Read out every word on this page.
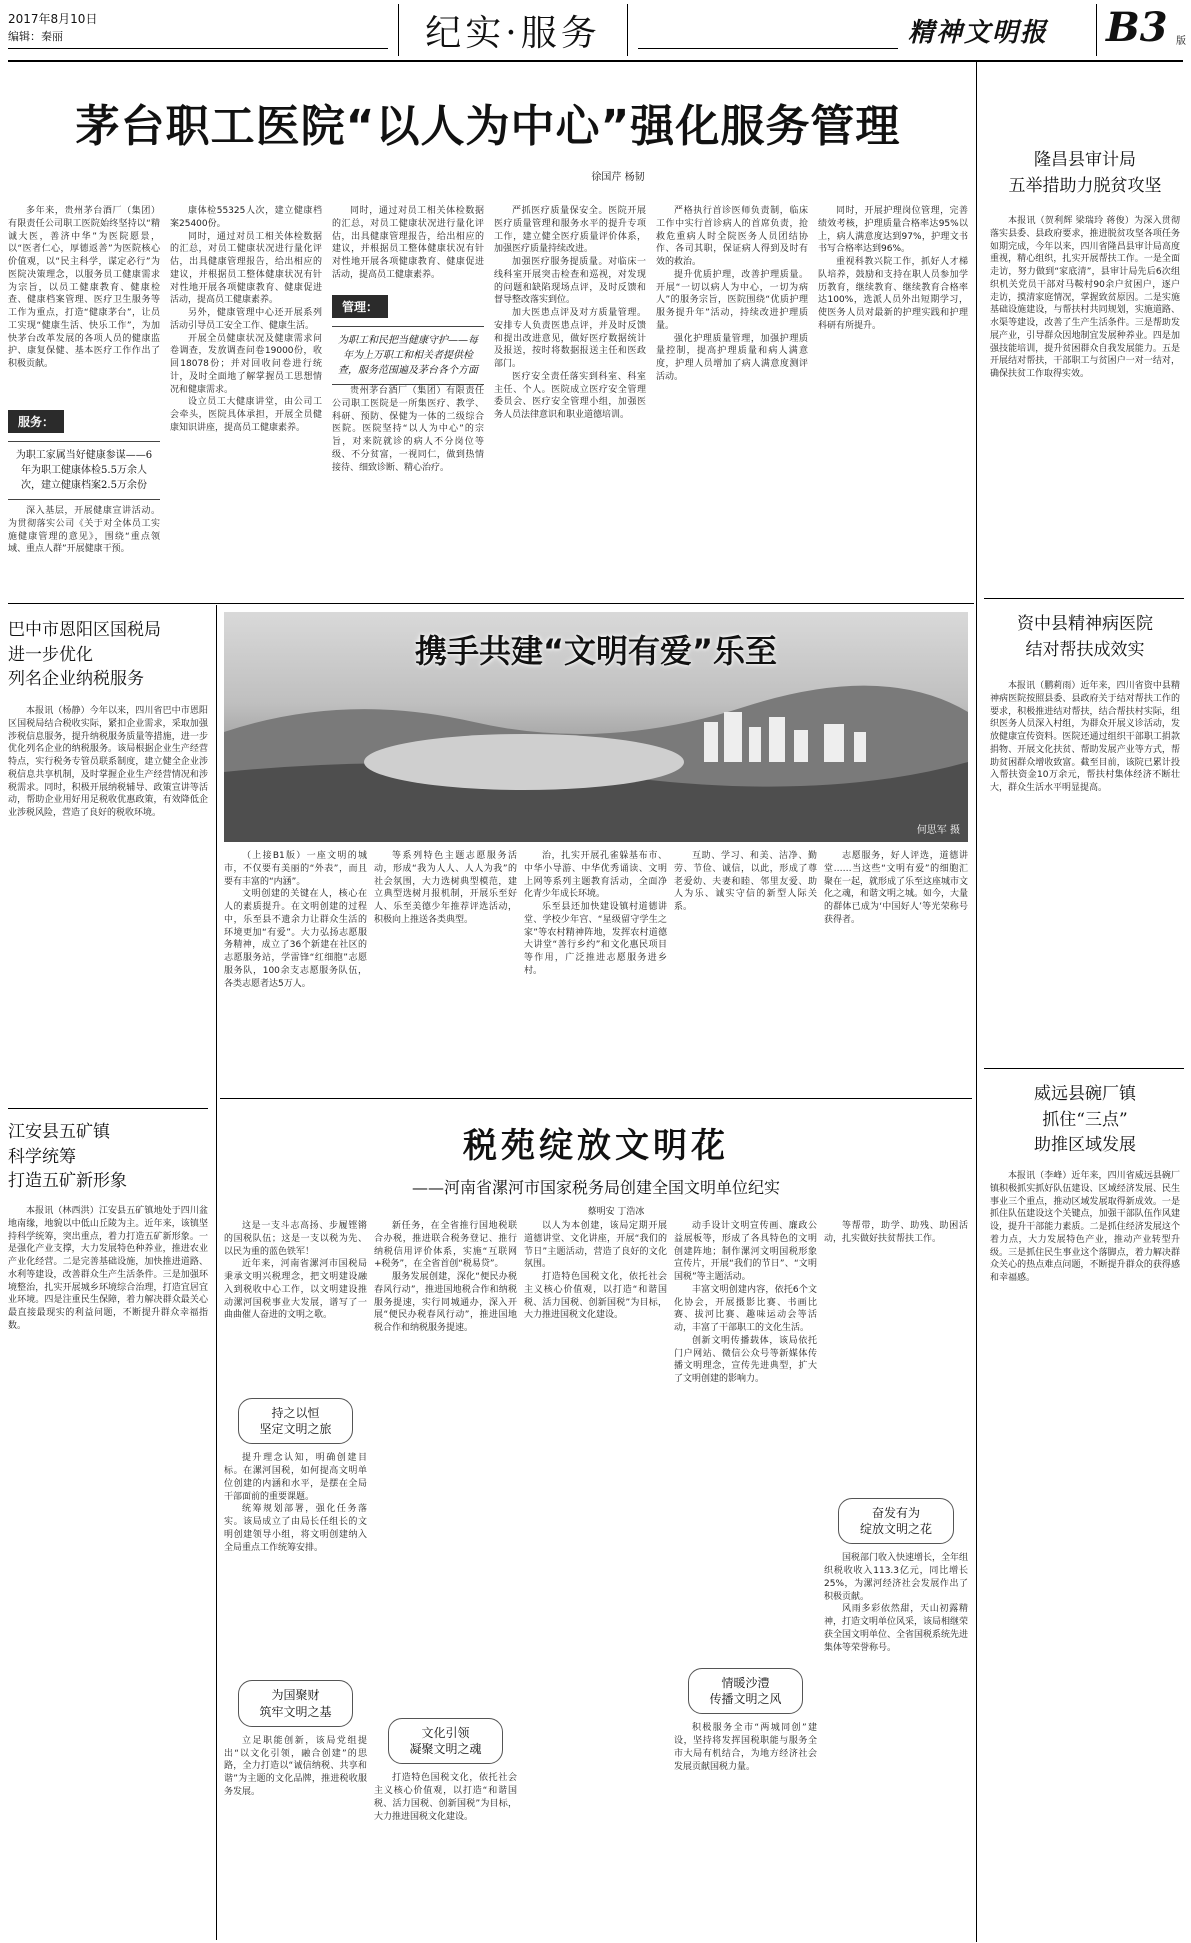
2017年8月10日
编辑：秦丽	纪实·服务	精神文明报 B3 版
茅台职工医院“以人为中心”强化服务管理
徐国芹 杨韧

多年来，贵州茅台酒厂（集团）有限责任公司职工医院始终坚持以“精诚大医，善济中华”为医院愿景，以“医者仁心，厚德返善”为医院核心价值观，以“民主科学，谋定必行”为医院决策理念，以服务员工健康需求为宗旨，以员工健康教育、健康检查、健康档案管理、医疗卫生服务等工作为重点，打造“健康茅台”，让员工实现“健康生活、快乐工作”，为加快茅台改革发展的各项人员的健康监护、康复保健、基本医疗工作作出了积极贡献。

服务：
为职工家属当好健康参谋——6年为职工健康体检5.5万余人次，建立健康档案2.5万余份

深入基层，开展健康宣讲活动。为贯彻落实公司《关于对全体员工实施健康管理的意见》，围绕“重点领域、重点人群”开展健康干预。

康体检55325人次，建立健康档案25400份。

同时，通过对员工相关体检数据的汇总，对员工健康状况进行量化评估，出具健康管理报告，给出相应的建议，并根据员工整体健康状况有针对性地开展各项健康教育、健康促进活动，提高员工健康素养。

另外，健康管理中心还开展系列活动引导员工安全工作、健康生活。

开展全员健康状况及健康需求问卷调查，发放调查问卷19000份，收回18078份；并对回收问卷进行统计，及时全面地了解掌握员工思想情况和健康需求。

设立员工大健康讲堂，由公司工会牵头，医院具体承担，开展全员健康知识讲座，提高员工健康素养。

同时，通过对员工相关体检数据的汇总，对员工健康状况进行量化评估，出具健康管理报告，给出相应的建议，并根据员工整体健康状况有针对性地开展各项健康教育、健康促进活动，提高员工健康素养。

管理：
为职工和民把当健康守护——每年为上万职工和相关者提供检查，服务范围遍及茅台各个方面

贵州茅台酒厂（集团）有限责任公司职工医院是一所集医疗、教学、科研、预防、保健为一体的二级综合医院。医院坚持“以人为中心”的宗旨，对来院就诊的病人不分岗位等级、不分贫富，一视同仁，做到热情接待、细致诊断、精心治疗。

严抓医疗质量保安全。医院开展医疗质量管理和服务水平的提升专项工作，建立健全医疗质量评价体系，加强医疗质量持续改进。

加强医疗服务提质量。对临床一线科室开展突击检查和巡视，对发现的问题和缺陷现场点评，及时反馈和督导整改落实到位。

加大医患点评及对方质量管理。安排专人负责医患点评，并及时反馈和提出改进意见，做好医疗数据统计及报送，按时将数据报送主任和医政部门。

医疗安全责任落实到科室、科室主任、个人。医院成立医疗安全管理委员会、医疗安全管理小组，加强医务人员法律意识和职业道德培训。

严格执行首诊医师负责制，临床工作中实行首诊病人的首席负责，抢救危重病人时全院医务人员团结协作、各司其职，保证病人得到及时有效的救治。

提升优质护理，改善护理质量。开展“一切以病人为中心，一切为病人”的服务宗旨，医院围绕“优质护理服务提升年”活动，持续改进护理质量。

强化护理质量管理，加强护理质量控制，提高护理质量和病人满意度，护理人员增加了病人满意度测评活动。

同时，开展护理岗位管理，完善绩效考核，护理质量合格率达95%以上，病人满意度达到97%，护理文书书写合格率达到96%。

重视科教兴院工作，抓好人才梯队培养，鼓励和支持在职人员参加学历教育，继续教育、继续教育合格率达100%，选派人员外出短期学习，使医务人员对最新的护理实践和护理科研有所提升。

巴中市恩阳区国税局
进一步优化
列名企业纳税服务

本报讯（杨静）今年以来，四川省巴中市恩阳区国税局结合税收实际，紧扣企业需求，采取加强涉税信息服务，提升纳税服务质量等措施，进一步优化列名企业的纳税服务。该局根据企业生产经营特点，实行税务专管员联系制度，建立健全企业涉税信息共享机制，及时掌握企业生产经营情况和涉税需求。同时，积极开展纳税辅导、政策宣讲等活动，帮助企业用好用足税收优惠政策，有效降低企业涉税风险，营造了良好的税收环境。

江安县五矿镇
科学统筹
打造五矿新形象

本报讯（林西洪）江安县五矿镇地处于四川盆地南缘，地貌以中低山丘陵为主。近年来，该镇坚持科学统筹，突出重点，着力打造五矿新形象。一是强化产业支撑，大力发展特色种养业，推进农业产业化经营。二是完善基础设施，加快推进道路、水利等建设，改善群众生产生活条件。三是加强环境整治，扎实开展城乡环境综合治理，打造宜居宜业环境。四是注重民生保障，着力解决群众最关心最直接最现实的利益问题，不断提升群众幸福指数。

携手共建“文明有爱”乐至
何思军 摄

（上接B1版）一座文明的城市，不仅要有美丽的“外表”，而且要有丰富的“内涵”。

文明创建的关键在人，核心在人的素质提升。在文明创建的过程中，乐至县不遗余力让群众生活的环境更加“有爱”。大力弘扬志愿服务精神，成立了36个新建在社区的志愿服务站，学雷锋“红细胞”志愿服务队，100余支志愿服务队伍，各类志愿者达5万人。

等系列特色主题志愿服务活动，形成“我为人人、人人为我”的社会氛围，大力选树典型模范，建立典型选树月报机制，开展乐至好人、乐至美德少年推荐评选活动，积极向上推送各类典型。

治，扎实开展孔雀躲基布市、中华小导游、中华优秀诵读、文明上网等系列主题教育活动，全面净化青少年成长环境。

乐至县还加快建设镇村道德讲堂、学校少年宫、“星级留守学生之家”等农村精神阵地，发挥农村道德大讲堂“善行乡约”和文化惠民项目等作用，广泛推进志愿服务进乡村。

互助、学习、和美、洁净、勤劳、节俭、诚信，以此，形成了尊老爱幼、夫妻和睦、邻里友爱、助人为乐、诚实守信的新型人际关系。

志愿服务，好人评选，道德讲堂……当这些“文明有爱”的细胞汇聚在一起，就形成了乐至这座城市文化之魂，和谐文明之城。如今，大量的群体已成为‘中国好人’等光荣称号获得者。

税苑绽放文明花
——河南省漯河市国家税务局创建全国文明单位纪实
蔡明安 丁浩冰

这是一支斗志高扬、步履铿锵的国税队伍；这是一支以税为先、以民为重的蓝色铁军！

近年来，河南省漯河市国税局秉承文明兴税理念，把文明建设融入到税收中心工作，以文明建设推动漯河国税事业大发展，谱写了一曲曲催人奋进的文明之歌。

持之以恒
坚定文明之旅

提升理念认知，明确创建目标。在漯河国税，如何提高文明单位创建的内涵和水平，是摆在全局干部面前的重要课题。

统筹规划部署，强化任务落实。该局成立了由局长任组长的文明创建领导小组，将文明创建纳入全局重点工作统筹安排。

为国聚财
筑牢文明之基

立足职能创新，该局党组提出“以文化引领，融合创建”的思路，全力打造以“诚信纳税、共享和谐”为主题的文化品牌，推进税收服务发展。

新任务，在全省推行国地税联合办税，推进联合税务登记、推行纳税信用评价体系，实施“互联网+税务”，在全省首创“税易贷”。

服务发展创建，深化“便民办税春风行动”，推进国地税合作和纳税服务提速，实行同城通办，深入开展“便民办税春风行动”，推进国地税合作和纳税服务提速。

文化引领
凝聚文明之魂

打造特色国税文化，依托社会主义核心价值观，以打造“和谐国税、活力国税、创新国税”为目标，大力推进国税文化建设。

以人为本创建，该局定期开展道德讲堂、文化讲座，开展“我们的节日”主题活动，营造了良好的文化氛围。

打造特色国税文化，依托社会主义核心价值观，以打造“和谐国税、活力国税、创新国税”为目标，大力推进国税文化建设。

动手设计文明宣传画、廉政公益展板等，形成了各具特色的文明创建阵地；制作漯河文明国税形象宣传片，开展“我们的节日”、“文明国税”等主题活动。

丰富文明创建内容，依托6个文化协会，开展摄影比赛、书画比赛、拔河比赛、趣味运动会等活动，丰富了干部职工的文化生活。

创新文明传播载体，该局依托门户网站、微信公众号等新媒体传播文明理念，宣传先进典型，扩大了文明创建的影响力。

情暖沙澧
传播文明之风

积极服务全市“两城同创”建设，坚持将发挥国税职能与服务全市大局有机结合，为地方经济社会发展贡献国税力量。

等帮带，助学、助残、助困活动，扎实做好扶贫帮扶工作。

奋发有为
绽放文明之花

国税部门收入快速增长，全年组织税收收入113.3亿元，同比增长25%，为漯河经济社会发展作出了积极贡献。

风雨多彩依然甜，天山初露精神，打造文明单位风采，该局相继荣获全国文明单位、全省国税系统先进集体等荣誉称号。

隆昌县审计局
五举措助力脱贫攻坚

本报讯（贺利辉 梁瑞玲 蒋俊）为深入贯彻落实县委、县政府要求，推进脱贫攻坚各项任务如期完成，今年以来，四川省隆昌县审计局高度重视，精心组织，扎实开展帮扶工作。一是全面走访，努力做到“家底清”，县审计局先后6次组织机关党员干部对马鞍村90余户贫困户，逐户走访，摸清家庭情况，掌握致贫原因。二是实施基础设施建设，与帮扶村共同规划，实施道路、水渠等建设，改善了生产生活条件。三是帮助发展产业，引导群众因地制宜发展种养业。四是加强技能培训，提升贫困群众自我发展能力。五是开展结对帮扶，干部职工与贫困户一对一结对，确保扶贫工作取得实效。

资中县精神病医院
结对帮扶成效实

本报讯（鹏莉雨）近年来，四川省资中县精神病医院按照县委、县政府关于结对帮扶工作的要求，积极推进结对帮扶，结合帮扶村实际，组织医务人员深入村组，为群众开展义诊活动，发放健康宣传资料。医院还通过组织干部职工捐款捐物、开展文化扶贫、帮助发展产业等方式，帮助贫困群众增收致富。截至目前，该院已累计投入帮扶资金10万余元，帮扶村集体经济不断壮大，群众生活水平明显提高。

威远县碗厂镇
抓住“三点”
助推区域发展

本报讯（李峰）近年来，四川省威远县碗厂镇积极抓实抓好队伍建设、区域经济发展、民生事业三个重点，推动区域发展取得新成效。一是抓住队伍建设这个关键点，加强干部队伍作风建设，提升干部能力素质。二是抓住经济发展这个着力点，大力发展特色产业，推动产业转型升级。三是抓住民生事业这个落脚点，着力解决群众关心的热点难点问题，不断提升群众的获得感和幸福感。
